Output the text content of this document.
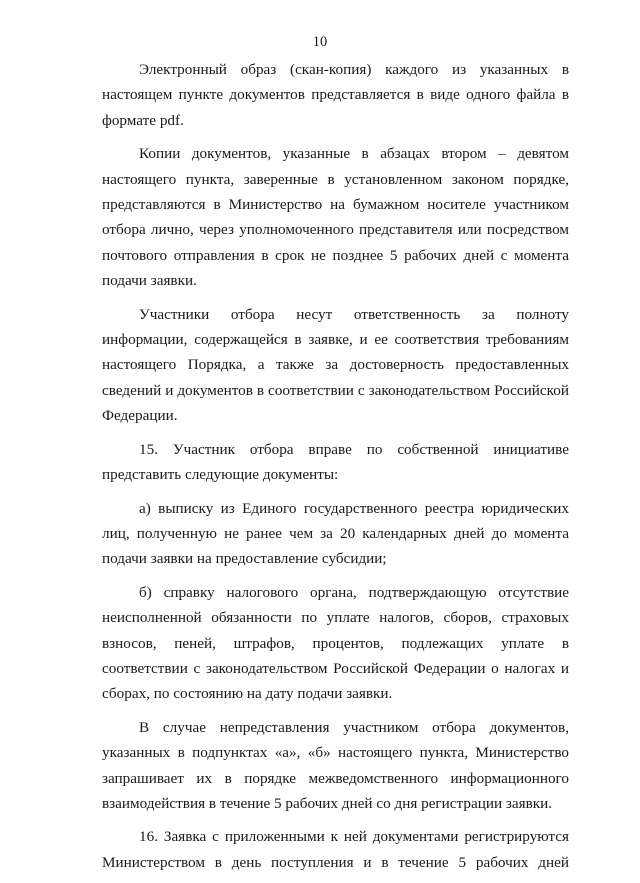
10

Электронный образ (скан-копия) каждого из указанных в настоящем пункте документов представляется в виде одного файла в формате pdf.

Копии документов, указанные в абзацах втором – девятом настоящего пункта, заверенные в установленном законом порядке, представляются в Министерство на бумажном носителе участником отбора лично, через уполномоченного представителя или посредством почтового отправления в срок не позднее 5 рабочих дней с момента подачи заявки.

Участники отбора несут ответственность за полноту информации, содержащейся в заявке, и ее соответствия требованиям настоящего Порядка, а также за достоверность предоставленных сведений и документов в соответствии с законодательством Российской Федерации.

15. Участник отбора вправе по собственной инициативе представить следующие документы:

а) выписку из Единого государственного реестра юридических лиц, полученную не ранее чем за 20 календарных дней до момента подачи заявки на предоставление субсидии;

б) справку налогового органа, подтверждающую отсутствие неисполненной обязанности по уплате налогов, сборов, страховых взносов, пеней, штрафов, процентов, подлежащих уплате в соответствии с законодательством Российской Федерации о налогах и сборах, по состоянию на дату подачи заявки.

В случае непредставления участником отбора документов, указанных в подпунктах «а», «б» настоящего пункта, Министерство запрашивает их в порядке межведомственного информационного взаимодействия в течение 5 рабочих дней со дня регистрации заявки.

16. Заявка с приложенными к ней документами регистрируются Министерством в день поступления и в течение 5 рабочих дней
